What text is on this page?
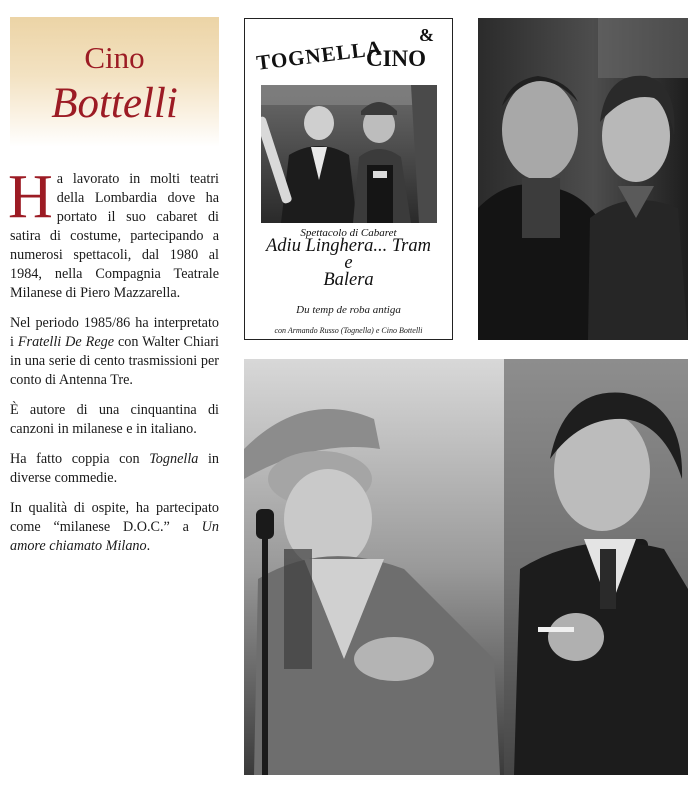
Cino
Bottelli

Ha lavorato in molti teatri della Lombardia dove ha portato il suo cabaret di satira di costume, partecipando a numerosi spettacoli, dal 1980 al 1984, nella Compagnia Teatrale Milanese di Piero Mazzarella.

Nel periodo 1985/86 ha interpretato i Fratelli De Rege con Walter Chiari in una serie di cento trasmissioni per conto di Antenna Tre.

È autore di una cinquantina di canzoni in milanese e in italiano.

Ha fatto coppia con Tognella in diverse commedie.

In qualità di ospite, ha partecipato come “milanese D.O.C.” a Un amore chiamato Milano.

TOGNELLA
&
CINO
Spettacolo di Cabaret
Adiu Linghera... Tram
e
Balera
Du temp de roba antiga
con Armando Russo (Tognella) e Cino Bottelli
